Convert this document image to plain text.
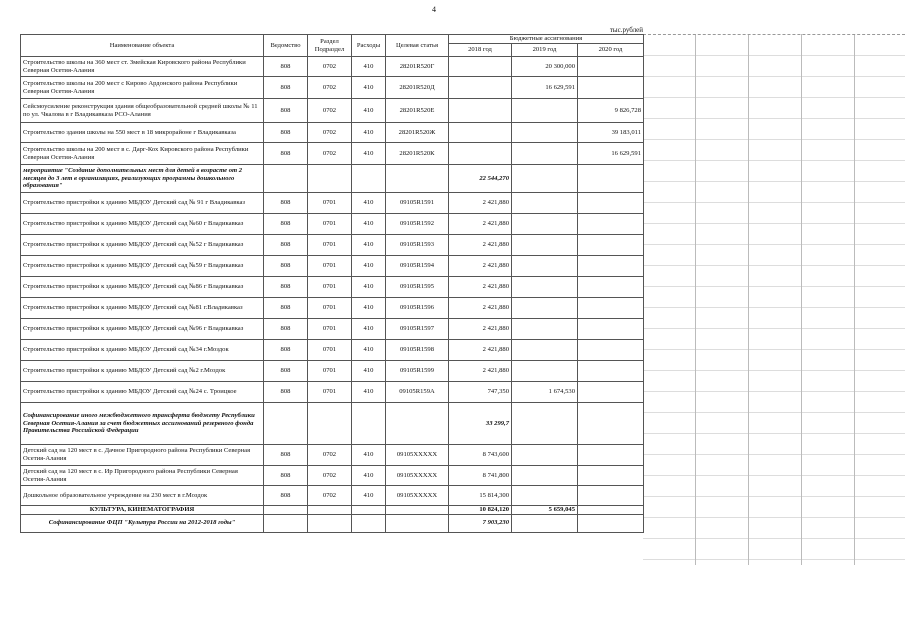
4
тыс.рублей
Наименование объекта	Ведомство	Раздел Подраздел	Расходы	Целевая статья	Бюджетные ассигнования		
					2018 год	2019 год	2020 год
Строительство школы на 360 мест ст. Змейская Кировского района Республики Северная Осетия-Алания	808	0702	410	28201R520Г		20 300,000	
Строительство школы на 200 мест с Кирово Ардонского района Республики Северная Осетия-Алания	808	0702	410	28201R520Д		16 629,591	
Сейсмоусиление реконструкция здания общеобразовательной средней школы № 11 по ул. Чкалова в г Владикавказа РСО-Алания	808	0702	410	28201R520Е			9 826,728
Строительство здания школы на 550 мест в 18 микрорайоне г Владикавказа	808	0702	410	28201R520Ж			39 183,011
Строительство школы на 200 мест в с. Дарг-Кох Кировского района Республики Северная Осетия-Алания	808	0702	410	28201R520К			16 629,591
мероприятие "Создание дополнительных мест для детей в возрасте от 2 месяцев до 3 лет в организациях, реализующих программы дошкольного образования"					22 544,270		
Строительство пристройки к зданию МБДОУ Детский сад № 91 г Владикавказ	808	0701	410	09105R1591	2 421,880		
Строительство пристройки к зданию МБДОУ Детский сад №60 г Владикавказ	808	0701	410	09105R1592	2 421,880		
Строительство пристройки к зданию МБДОУ Детский сад №52 г Владикавказ	808	0701	410	09105R1593	2 421,880		
Строительство пристройки к зданию МБДОУ Детский сад №59 г Владикавказ	808	0701	410	09105R1594	2 421,880		
Строительство пристройки к зданию МБДОУ Детский сад №86 г Владикавказ	808	0701	410	09105R1595	2 421,880		
Строительство пристройки к зданию МБДОУ Детский сад №81 г.Владикавказ	808	0701	410	09105R1596	2 421,880		
Строительство пристройки к зданию МБДОУ Детский сад №96 г Владикавказ	808	0701	410	09105R1597	2 421,880		
Строительство пристройки к зданию МБДОУ Детский сад №34 г.Моздок	808	0701	410	09105R1598	2 421,880		
Строительство пристройки к зданию МБДОУ Детский сад №2 г.Моздок	808	0701	410	09105R1599	2 421,880		
Строительство пристройки к зданию МБДОУ Детский сад №24 с. Троицкое	808	0701	410	09105R159А	747,350	1 674,530	
Софинансирование иного межбюджетного трансферта бюджету Республики Северная Осетия-Алания за счет бюджетных ассигнований резервного фонда Правительства Российской Федерации					33 299,7		
Детский сад на 120 мест в с. Дачное Пригородного района Республики Северная Осетия-Алания	808	0702	410	09105ХХХХХ	8 743,600		
Детский сад на 120 мест в с. Ир Пригородного района Республики Северная Осетия-Алания	808	0702	410	09105ХХХХХ	8 741,800		
Дошкольное образовательное учреждение на 230 мест в г.Моздок	808	0702	410	09105ХХХХХ	15 814,300		
КУЛЬТУРА, КИНЕМАТОГРАФИЯ					10 824,120	5 659,045	
Софинансирование ФЦП "Культура России на 2012-2018 годы"					7 903,230		
